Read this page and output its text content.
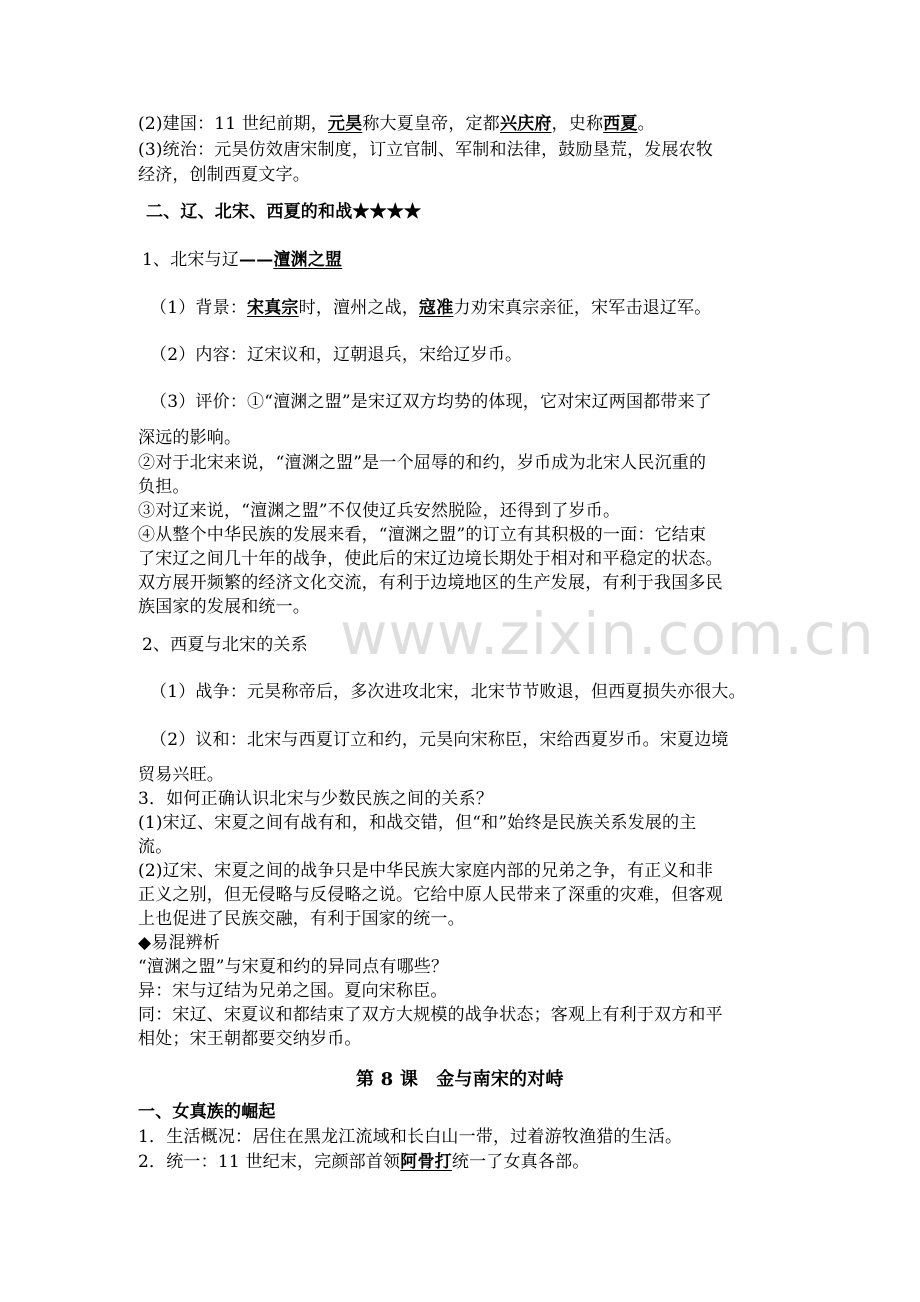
(2)建国：11 世纪前期，元昊称大夏皇帝，定都兴庆府，史称西夏。
(3)统治：元昊仿效唐宋制度，订立官制、军制和法律，鼓励垦荒，发展农牧
经济，创制西夏文字。
二、辽、北宋、西夏的和战★★★★
1、北宋与辽——澶渊之盟
（1）背景：宋真宗时，澶州之战，寇准力劝宋真宗亲征，宋军击退辽军。
（2）内容：辽宋议和，辽朝退兵，宋给辽岁币。
（3）评价：①“澶渊之盟”是宋辽双方均势的体现，它对宋辽两国都带来了
深远的影响。
②对于北宋来说，“澶渊之盟”是一个屈辱的和约，岁币成为北宋人民沉重的
负担。
③对辽来说，“澶渊之盟”不仅使辽兵安然脱险，还得到了岁币。
④从整个中华民族的发展来看，“澶渊之盟”的订立有其积极的一面：它结束
了宋辽之间几十年的战争，使此后的宋辽边境长期处于相对和平稳定的状态。
双方展开频繁的经济文化交流，有利于边境地区的生产发展，有利于我国多民
族国家的发展和统一。
2、西夏与北宋的关系
（1）战争：元昊称帝后，多次进攻北宋，北宋节节败退，但西夏损失亦很大。
（2）议和：北宋与西夏订立和约，元昊向宋称臣，宋给西夏岁币。宋夏边境
贸易兴旺。
3．如何正确认识北宋与少数民族之间的关系？
(1)宋辽、宋夏之间有战有和，和战交错，但“和”始终是民族关系发展的主
流。
(2)辽宋、宋夏之间的战争只是中华民族大家庭内部的兄弟之争，有正义和非
正义之别，但无侵略与反侵略之说。它给中原人民带来了深重的灾难，但客观
上也促进了民族交融，有利于国家的统一。
◆易混辨析
“澶渊之盟”与宋夏和约的异同点有哪些？
异：宋与辽结为兄弟之国。夏向宋称臣。
同：宋辽、宋夏议和都结束了双方大规模的战争状态；客观上有利于双方和平
相处；宋王朝都要交纳岁币。
第 8 课　金与南宋的对峙
一、女真族的崛起
1．生活概况：居住在黑龙江流域和长白山一带，过着游牧渔猎的生活。
2．统一：11 世纪末，完颜部首领阿骨打统一了女真各部。
www.zixin.com.cn
